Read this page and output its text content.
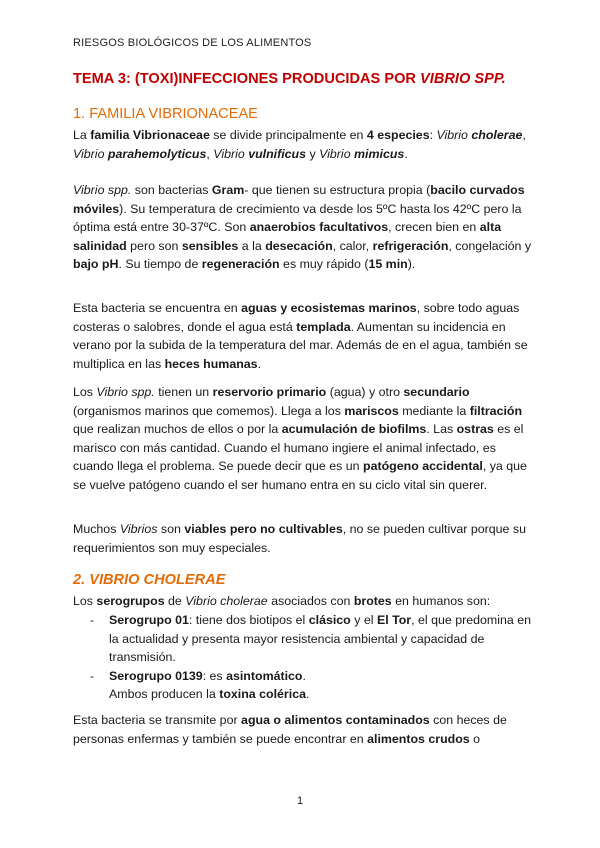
RIESGOS BIOLÓGICOS DE LOS ALIMENTOS
TEMA 3: (TOXI)INFECCIONES PRODUCIDAS POR VIBRIO SPP.
1. FAMILIA VIBRIONACEAE

La familia Vibrionaceae se divide principalmente en 4 especies: Vibrio cholerae, Vibrio parahemolyticus, Vibrio vulnificus y Vibrio mimicus.

Vibrio spp. son bacterias Gram- que tienen su estructura propia (bacilo curvados móviles). Su temperatura de crecimiento va desde los 5ºC hasta los 42ºC pero la óptima está entre 30-37ºC. Son anaerobios facultativos, crecen bien en alta salinidad pero son sensibles a la desecación, calor, refrigeración, congelación y bajo pH. Su tiempo de regeneración es muy rápido (15 min).

Esta bacteria se encuentra en aguas y ecosistemas marinos, sobre todo aguas costeras o salobres, donde el agua está templada. Aumentan su incidencia en verano por la subida de la temperatura del mar. Además de en el agua, también se multiplica en las heces humanas.

Los Vibrio spp. tienen un reservorio primario (agua) y otro secundario (organismos marinos que comemos). Llega a los mariscos mediante la filtración que realizan muchos de ellos o por la acumulación de biofilms. Las ostras es el marisco con más cantidad. Cuando el humano ingiere el animal infectado, es cuando llega el problema. Se puede decir que es un patógeno accidental, ya que se vuelve patógeno cuando el ser humano entra en su ciclo vital sin querer.

Muchos Vibrios son viables pero no cultivables, no se pueden cultivar porque su requerimientos son muy especiales.

2. VIBRIO CHOLERAE

Los serogrupos de Vibrio cholerae asociados con brotes en humanos son:

- Serogrupo 01: tiene dos biotipos el clásico y el El Tor, el que predomina en la actualidad y presenta mayor resistencia ambiental y capacidad de transmisión.
- Serogrupo 0139: es asintomático.
Ambos producen la toxina colérica.

Esta bacteria se transmite por agua o alimentos contaminados con heces de personas enfermas y también se puede encontrar en alimentos crudos o

1
